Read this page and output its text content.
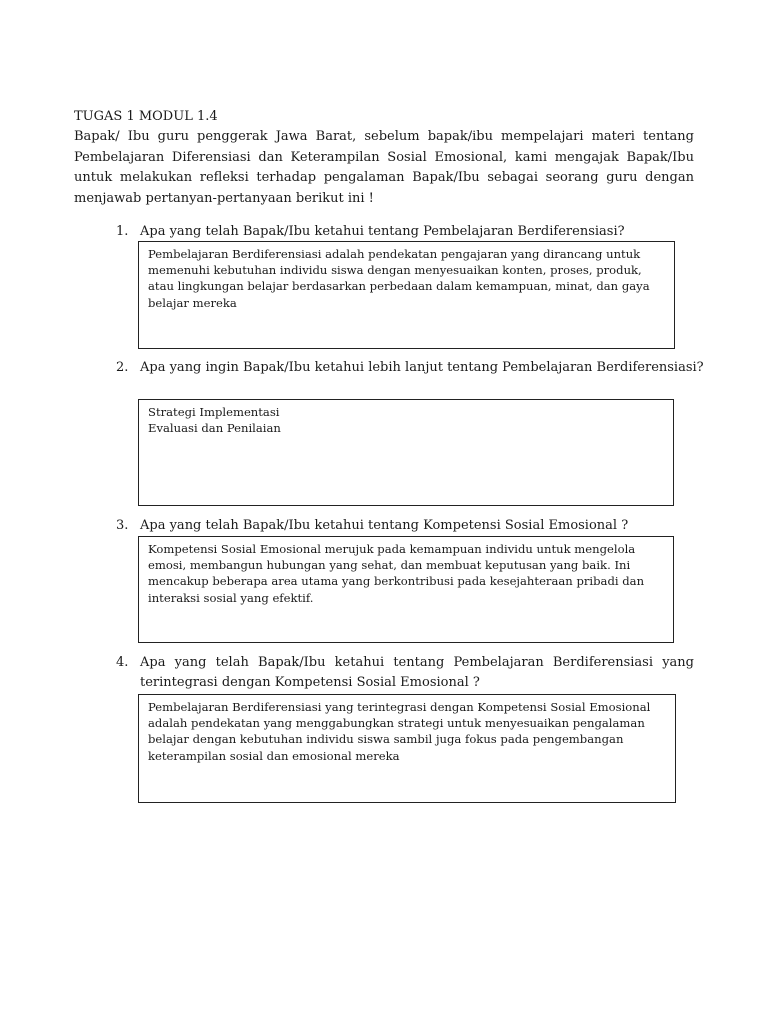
TUGAS 1 MODUL 1.4
Bapak/ Ibu guru penggerak Jawa Barat, sebelum bapak/ibu mempelajari materi tentang Pembelajaran Diferensiasi dan Keterampilan Sosial Emosional, kami mengajak Bapak/Ibu untuk melakukan refleksi terhadap pengalaman Bapak/Ibu sebagai seorang guru dengan menjawab pertanyan-pertanyaan berikut ini !
1. Apa yang telah Bapak/Ibu ketahui tentang Pembelajaran Berdiferensiasi?
Pembelajaran Berdiferensiasi adalah pendekatan pengajaran yang dirancang untuk
memenuhi kebutuhan individu siswa dengan menyesuaikan konten, proses, produk,
atau lingkungan belajar berdasarkan perbedaan dalam kemampuan, minat, dan gaya
belajar mereka
2. Apa yang ingin Bapak/Ibu ketahui lebih lanjut tentang Pembelajaran Berdiferensiasi?
Strategi Implementasi
Evaluasi dan Penilaian
3. Apa yang telah Bapak/Ibu ketahui tentang Kompetensi Sosial Emosional ?
Kompetensi Sosial Emosional merujuk pada kemampuan individu untuk mengelola
emosi, membangun hubungan yang sehat, dan membuat keputusan yang baik. Ini
mencakup beberapa area utama yang berkontribusi pada kesejahteraan pribadi dan
interaksi sosial yang efektif.
4. Apa yang telah Bapak/Ibu ketahui tentang Pembelajaran Berdiferensiasi yang terintegrasi dengan Kompetensi Sosial Emosional ?
Pembelajaran Berdiferensiasi yang terintegrasi dengan Kompetensi Sosial Emosional
adalah pendekatan yang menggabungkan strategi untuk menyesuaikan pengalaman
belajar dengan kebutuhan individu siswa sambil juga fokus pada pengembangan
keterampilan sosial dan emosional mereka
